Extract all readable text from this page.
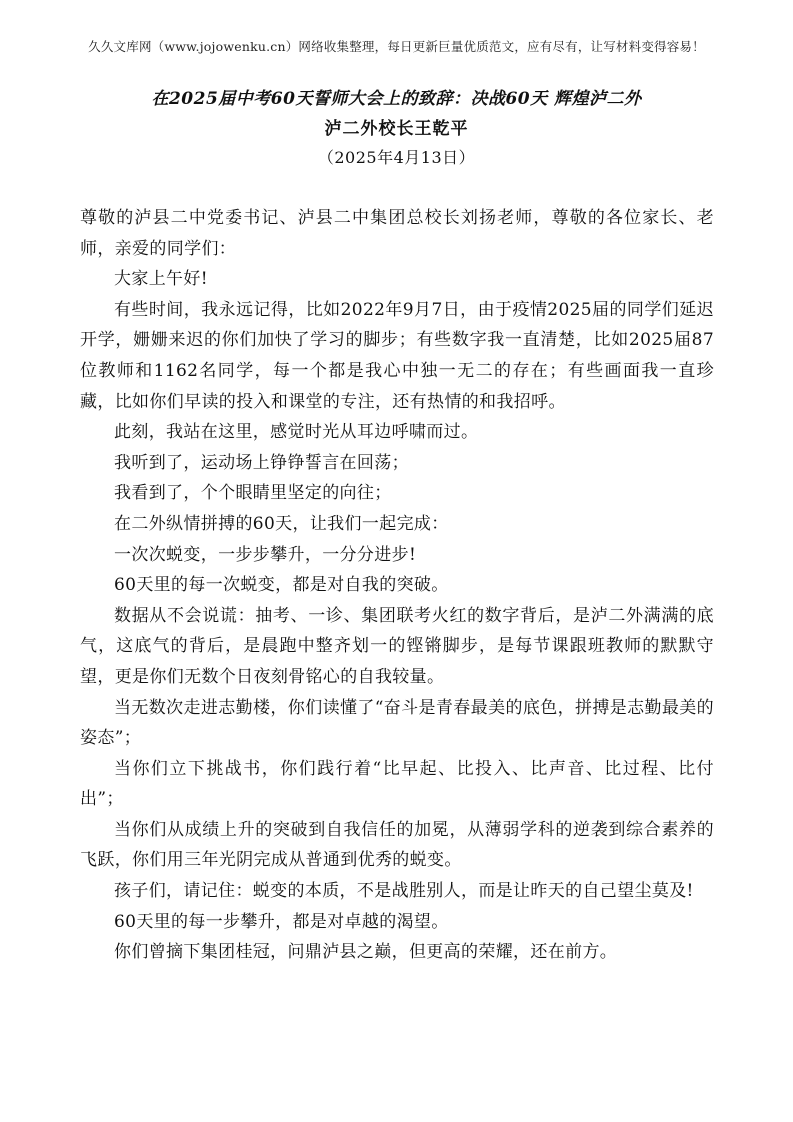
久久文库网（www.jojowenku.cn）网络收集整理，每日更新巨量优质范文，应有尽有，让写材料变得容易！
在2025届中考60天誓师大会上的致辞：决战60天 辉煌泸二外
泸二外校长王乾平
（2025年4月13日）

尊敬的泸县二中党委书记、泸县二中集团总校长刘扬老师，尊敬的各位家长、老师，亲爱的同学们：

大家上午好!

有些时间，我永远记得，比如2022年9月7日，由于疫情2025届的同学们延迟开学，姗姗来迟的你们加快了学习的脚步；有些数字我一直清楚，比如2025届87位教师和1162名同学，每一个都是我心中独一无二的存在；有些画面我一直珍藏，比如你们早读的投入和课堂的专注，还有热情的和我招呼。

此刻，我站在这里，感觉时光从耳边呼啸而过。

我听到了，运动场上铮铮誓言在回荡；

我看到了，个个眼睛里坚定的向往；

在二外纵情拼搏的60天，让我们一起完成：

一次次蜕变，一步步攀升，一分分进步!

60天里的每一次蜕变，都是对自我的突破。

数据从不会说谎：抽考、一诊、集团联考火红的数字背后，是泸二外满满的底气，这底气的背后，是晨跑中整齐划一的铿锵脚步，是每节课跟班教师的默默守望，更是你们无数个日夜刻骨铭心的自我较量。

当无数次走进志勤楼，你们读懂了“奋斗是青春最美的底色，拼搏是志勤最美的姿态”；

当你们立下挑战书，你们践行着“比早起、比投入、比声音、比过程、比付出”；

当你们从成绩上升的突破到自我信任的加冕，从薄弱学科的逆袭到综合素养的飞跃，你们用三年光阴完成从普通到优秀的蜕变。

孩子们，请记住：蜕变的本质，不是战胜别人，而是让昨天的自己望尘莫及!

60天里的每一步攀升，都是对卓越的渴望。

你们曾摘下集团桂冠，问鼎泸县之巅，但更高的荣耀，还在前方。
